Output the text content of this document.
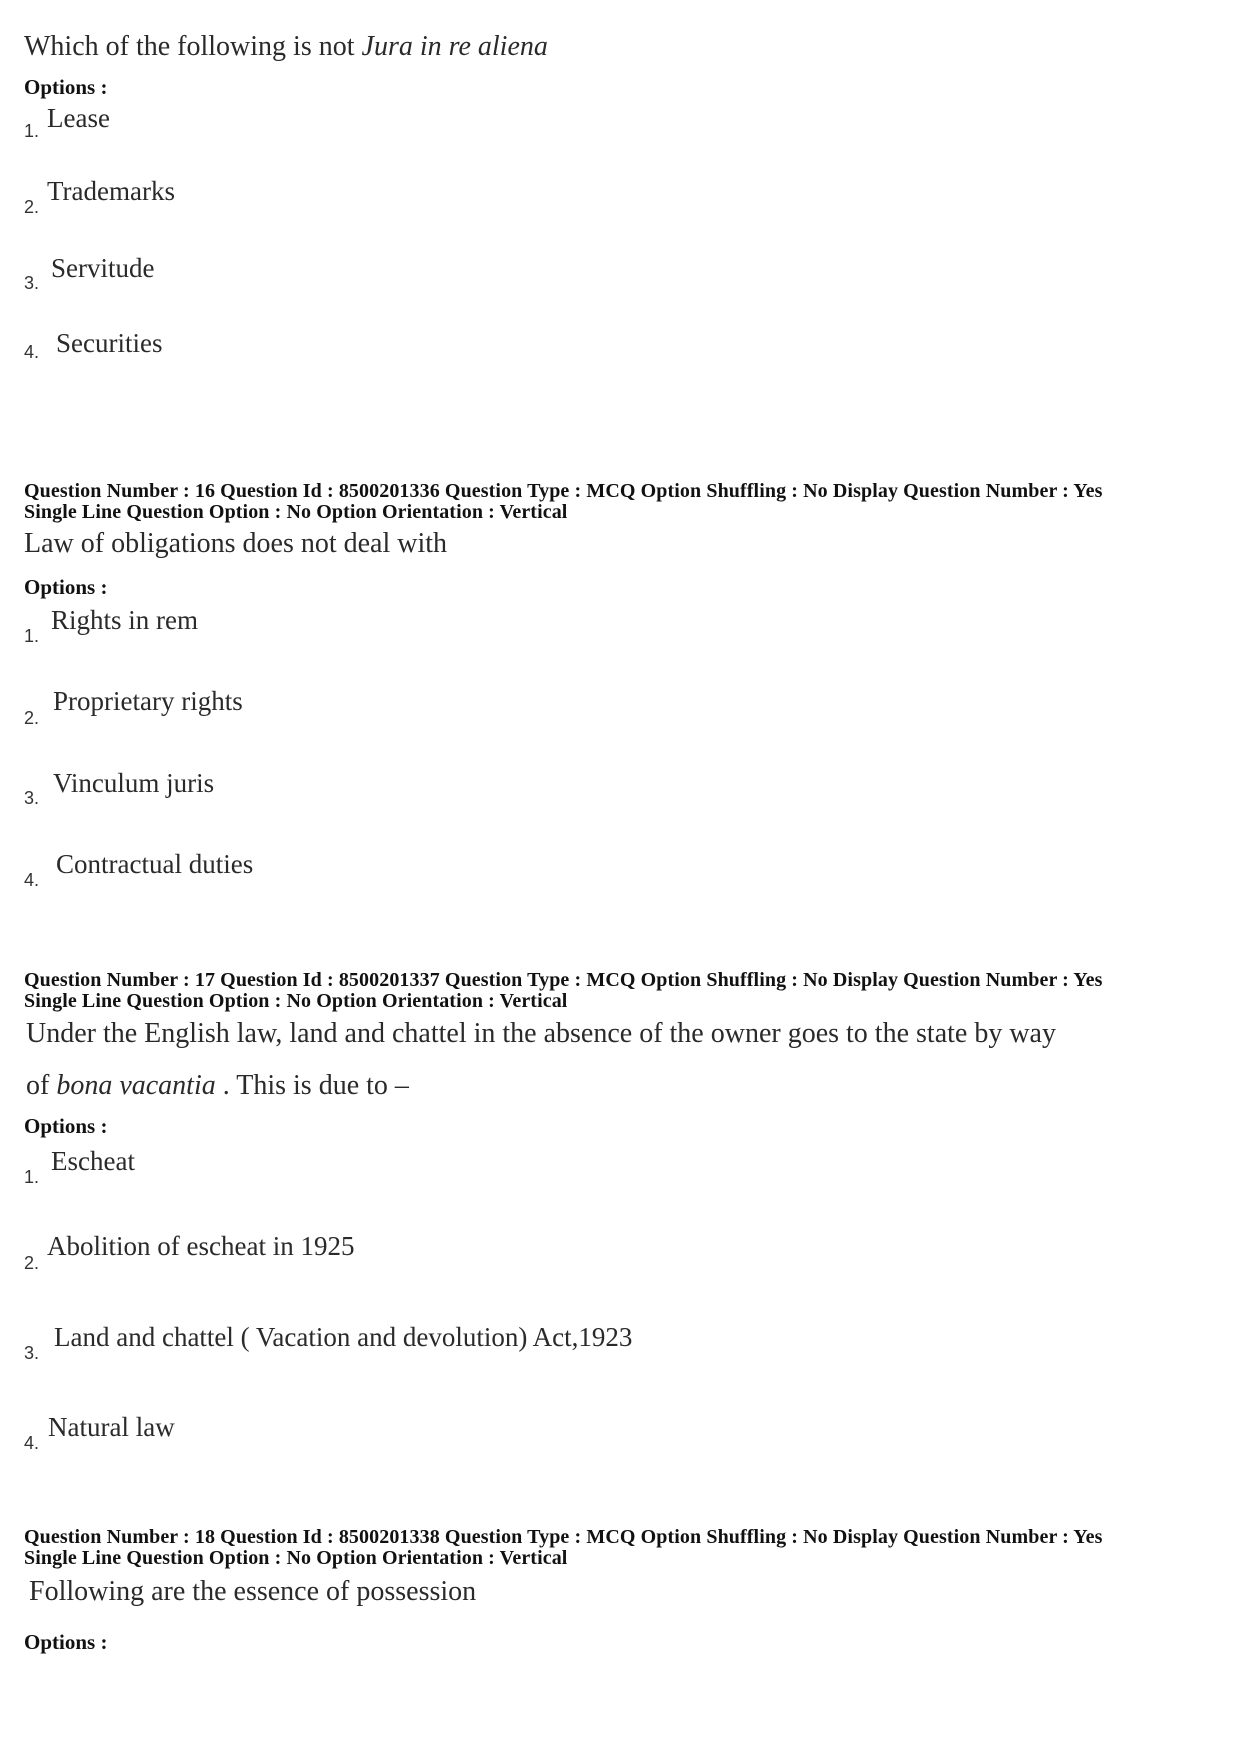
Which of the following is not Jura in re aliena
Options :
1. Lease
2.
Trademarks
3. Servitude
4. Securities
Question Number : 16 Question Id : 8500201336 Question Type : MCQ Option Shuffling : No Display Question Number : Yes
Single Line Question Option : No Option Orientation : Vertical
Law of obligations does not deal with
Options :
1.
Rights in rem
2.
Proprietary rights
3. Vinculum juris
4.
Contractual duties
Question Number : 17 Question Id : 8500201337 Question Type : MCQ Option Shuffling : No Display Question Number : Yes
Single Line Question Option : No Option Orientation : Vertical
Under the English law, land and chattel in the absence of the owner goes to the state by way
of bona vacantia . This is due to –
Options :
1.
Escheat
2.
Abolition of escheat in 1925
3.
Land and chattel ( Vacation and devolution) Act,1923
4.
Natural law
Question Number : 18 Question Id : 8500201338 Question Type : MCQ Option Shuffling : No Display Question Number : Yes
Single Line Question Option : No Option Orientation : Vertical
Following are the essence of possession
Options :
